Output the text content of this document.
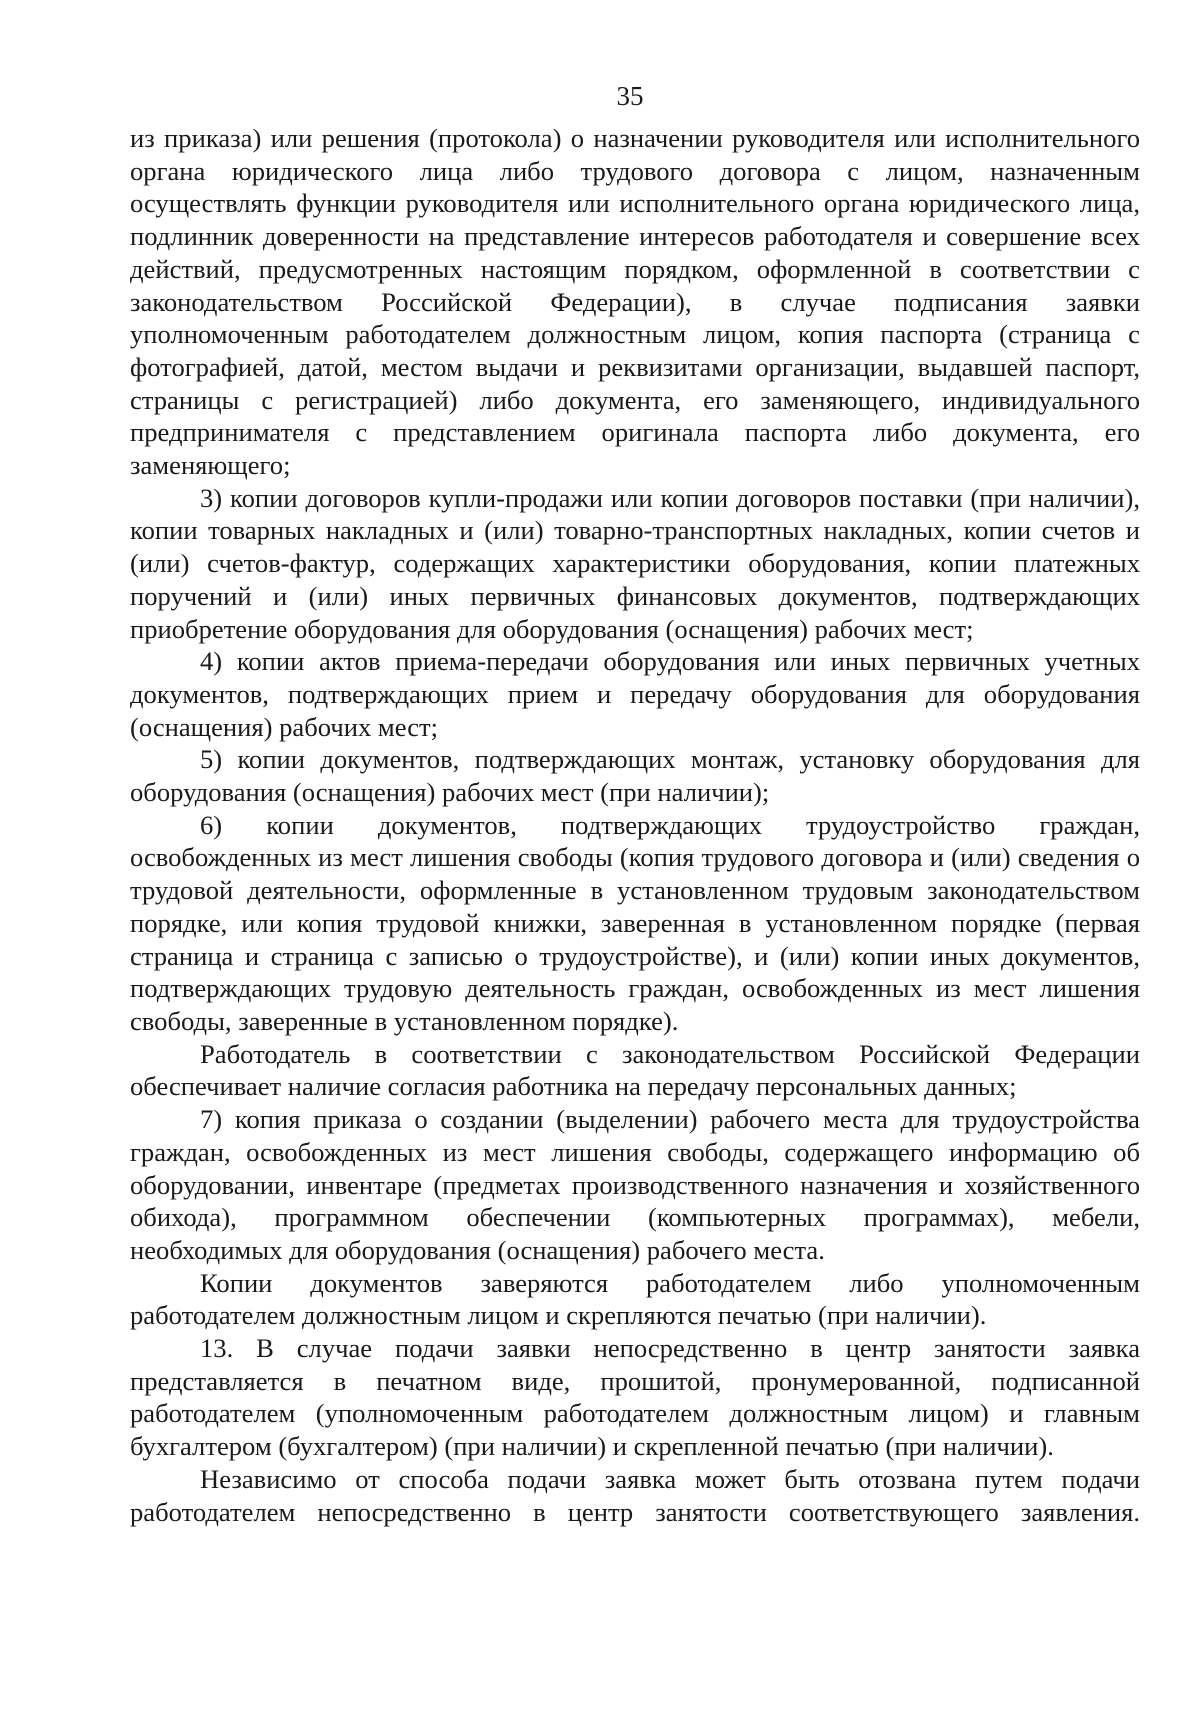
35

из приказа) или решения (протокола) о назначении руководителя или исполнительного органа юридического лица либо трудового договора с лицом, назначенным осуществлять функции руководителя или исполнительного органа юридического лица, подлинник доверенности на представление интересов работодателя и совершение всех действий, предусмотренных настоящим порядком, оформленной в соответствии с законодательством Российской Федерации), в случае подписания заявки уполномоченным работодателем должностным лицом, копия паспорта (страница с фотографией, датой, местом выдачи и реквизитами организации, выдавшей паспорт, страницы с регистрацией) либо документа, его заменяющего, индивидуального предпринимателя с представлением оригинала паспорта либо документа, его заменяющего;

3) копии договоров купли-продажи или копии договоров поставки (при наличии), копии товарных накладных и (или) товарно-транспортных накладных, копии счетов и (или) счетов-фактур, содержащих характеристики оборудования, копии платежных поручений и (или) иных первичных финансовых документов, подтверждающих приобретение оборудования для оборудования (оснащения) рабочих мест;

4) копии актов приема-передачи оборудования или иных первичных учетных документов, подтверждающих прием и передачу оборудования для оборудования (оснащения) рабочих мест;

5) копии документов, подтверждающих монтаж, установку оборудования для оборудования (оснащения) рабочих мест (при наличии);

6) копии документов, подтверждающих трудоустройство граждан, освобожденных из мест лишения свободы (копия трудового договора и (или) сведения о трудовой деятельности, оформленные в установленном трудовым законодательством порядке, или копия трудовой книжки, заверенная в установленном порядке (первая страница и страница с записью о трудоустройстве), и (или) копии иных документов, подтверждающих трудовую деятельность граждан, освобожденных из мест лишения свободы, заверенные в установленном порядке).

Работодатель в соответствии с законодательством Российской Федерации обеспечивает наличие согласия работника на передачу персональных данных;

7) копия приказа о создании (выделении) рабочего места для трудоустройства граждан, освобожденных из мест лишения свободы, содержащего информацию об оборудовании, инвентаре (предметах производственного назначения и хозяйственного обихода), программном обеспечении (компьютерных программах), мебели, необходимых для оборудования (оснащения) рабочего места.

Копии документов заверяются работодателем либо уполномоченным работодателем должностным лицом и скрепляются печатью (при наличии).

13. В случае подачи заявки непосредственно в центр занятости заявка представляется в печатном виде, прошитой, пронумерованной, подписанной работодателем (уполномоченным работодателем должностным лицом) и главным бухгалтером (бухгалтером) (при наличии) и скрепленной печатью (при наличии).

Независимо от способа подачи заявка может быть отозвана путем подачи работодателем непосредственно в центр занятости соответствующего заявления.
